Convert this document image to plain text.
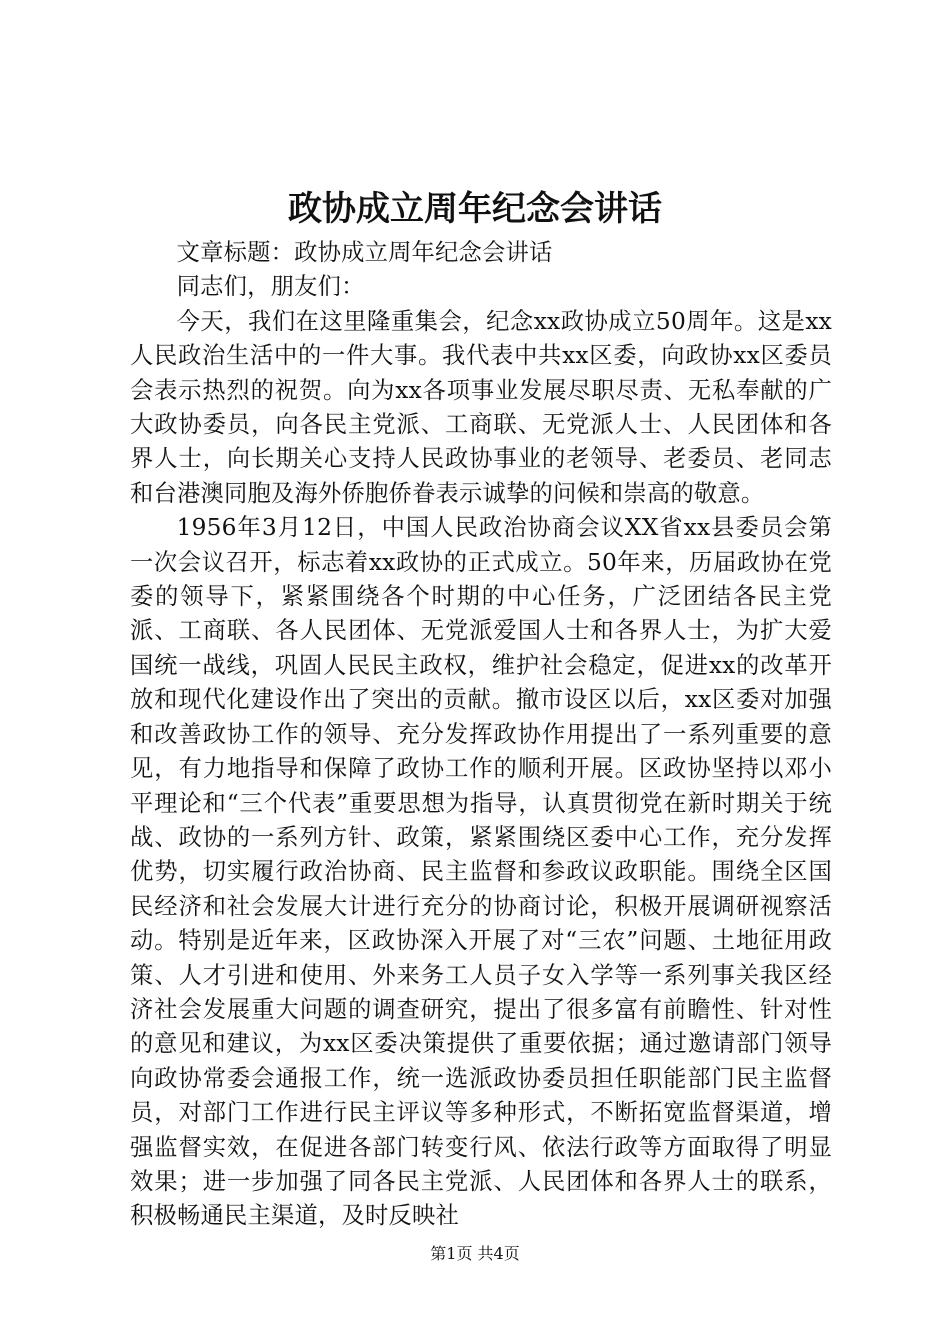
政协成立周年纪念会讲话

文章标题：政协成立周年纪念会讲话

同志们，朋友们：

今天，我们在这里隆重集会，纪念xx政协成立50周年。这是xx人民政治生活中的一件大事。我代表中共xx区委，向政协xx区委员会表示热烈的祝贺。向为xx各项事业发展尽职尽责、无私奉献的广大政协委员，向各民主党派、工商联、无党派人士、人民团体和各界人士，向长期关心支持人民政协事业的老领导、老委员、老同志和台港澳同胞及海外侨胞侨眷表示诚挚的问候和崇高的敬意。

1956年3月12日，中国人民政治协商会议XX省xx县委员会第一次会议召开，标志着xx政协的正式成立。50年来，历届政协在党委的领导下，紧紧围绕各个时期的中心任务，广泛团结各民主党派、工商联、各人民团体、无党派爱国人士和各界人士，为扩大爱国统一战线，巩固人民民主政权，维护社会稳定，促进xx的改革开放和现代化建设作出了突出的贡献。撤市设区以后，xx区委对加强和改善政协工作的领导、充分发挥政协作用提出了一系列重要的意见，有力地指导和保障了政协工作的顺利开展。区政协坚持以邓小平理论和“三个代表”重要思想为指导，认真贯彻党在新时期关于统战、政协的一系列方针、政策，紧紧围绕区委中心工作，充分发挥优势，切实履行政治协商、民主监督和参政议政职能。围绕全区国民经济和社会发展大计进行充分的协商讨论，积极开展调研视察活动。特别是近年来，区政协深入开展了对“三农”问题、土地征用政策、人才引进和使用、外来务工人员子女入学等一系列事关我区经济社会发展重大问题的调查研究，提出了很多富有前瞻性、针对性的意见和建议，为xx区委决策提供了重要依据；通过邀请部门领导向政协常委会通报工作，统一选派政协委员担任职能部门民主监督员，对部门工作进行民主评议等多种形式，不断拓宽监督渠道，增强监督实效，在促进各部门转变行风、依法行政等方面取得了明显效果；进一步加强了同各民主党派、人民团体和各界人士的联系，积极畅通民主渠道，及时反映社

第1页 共4页
